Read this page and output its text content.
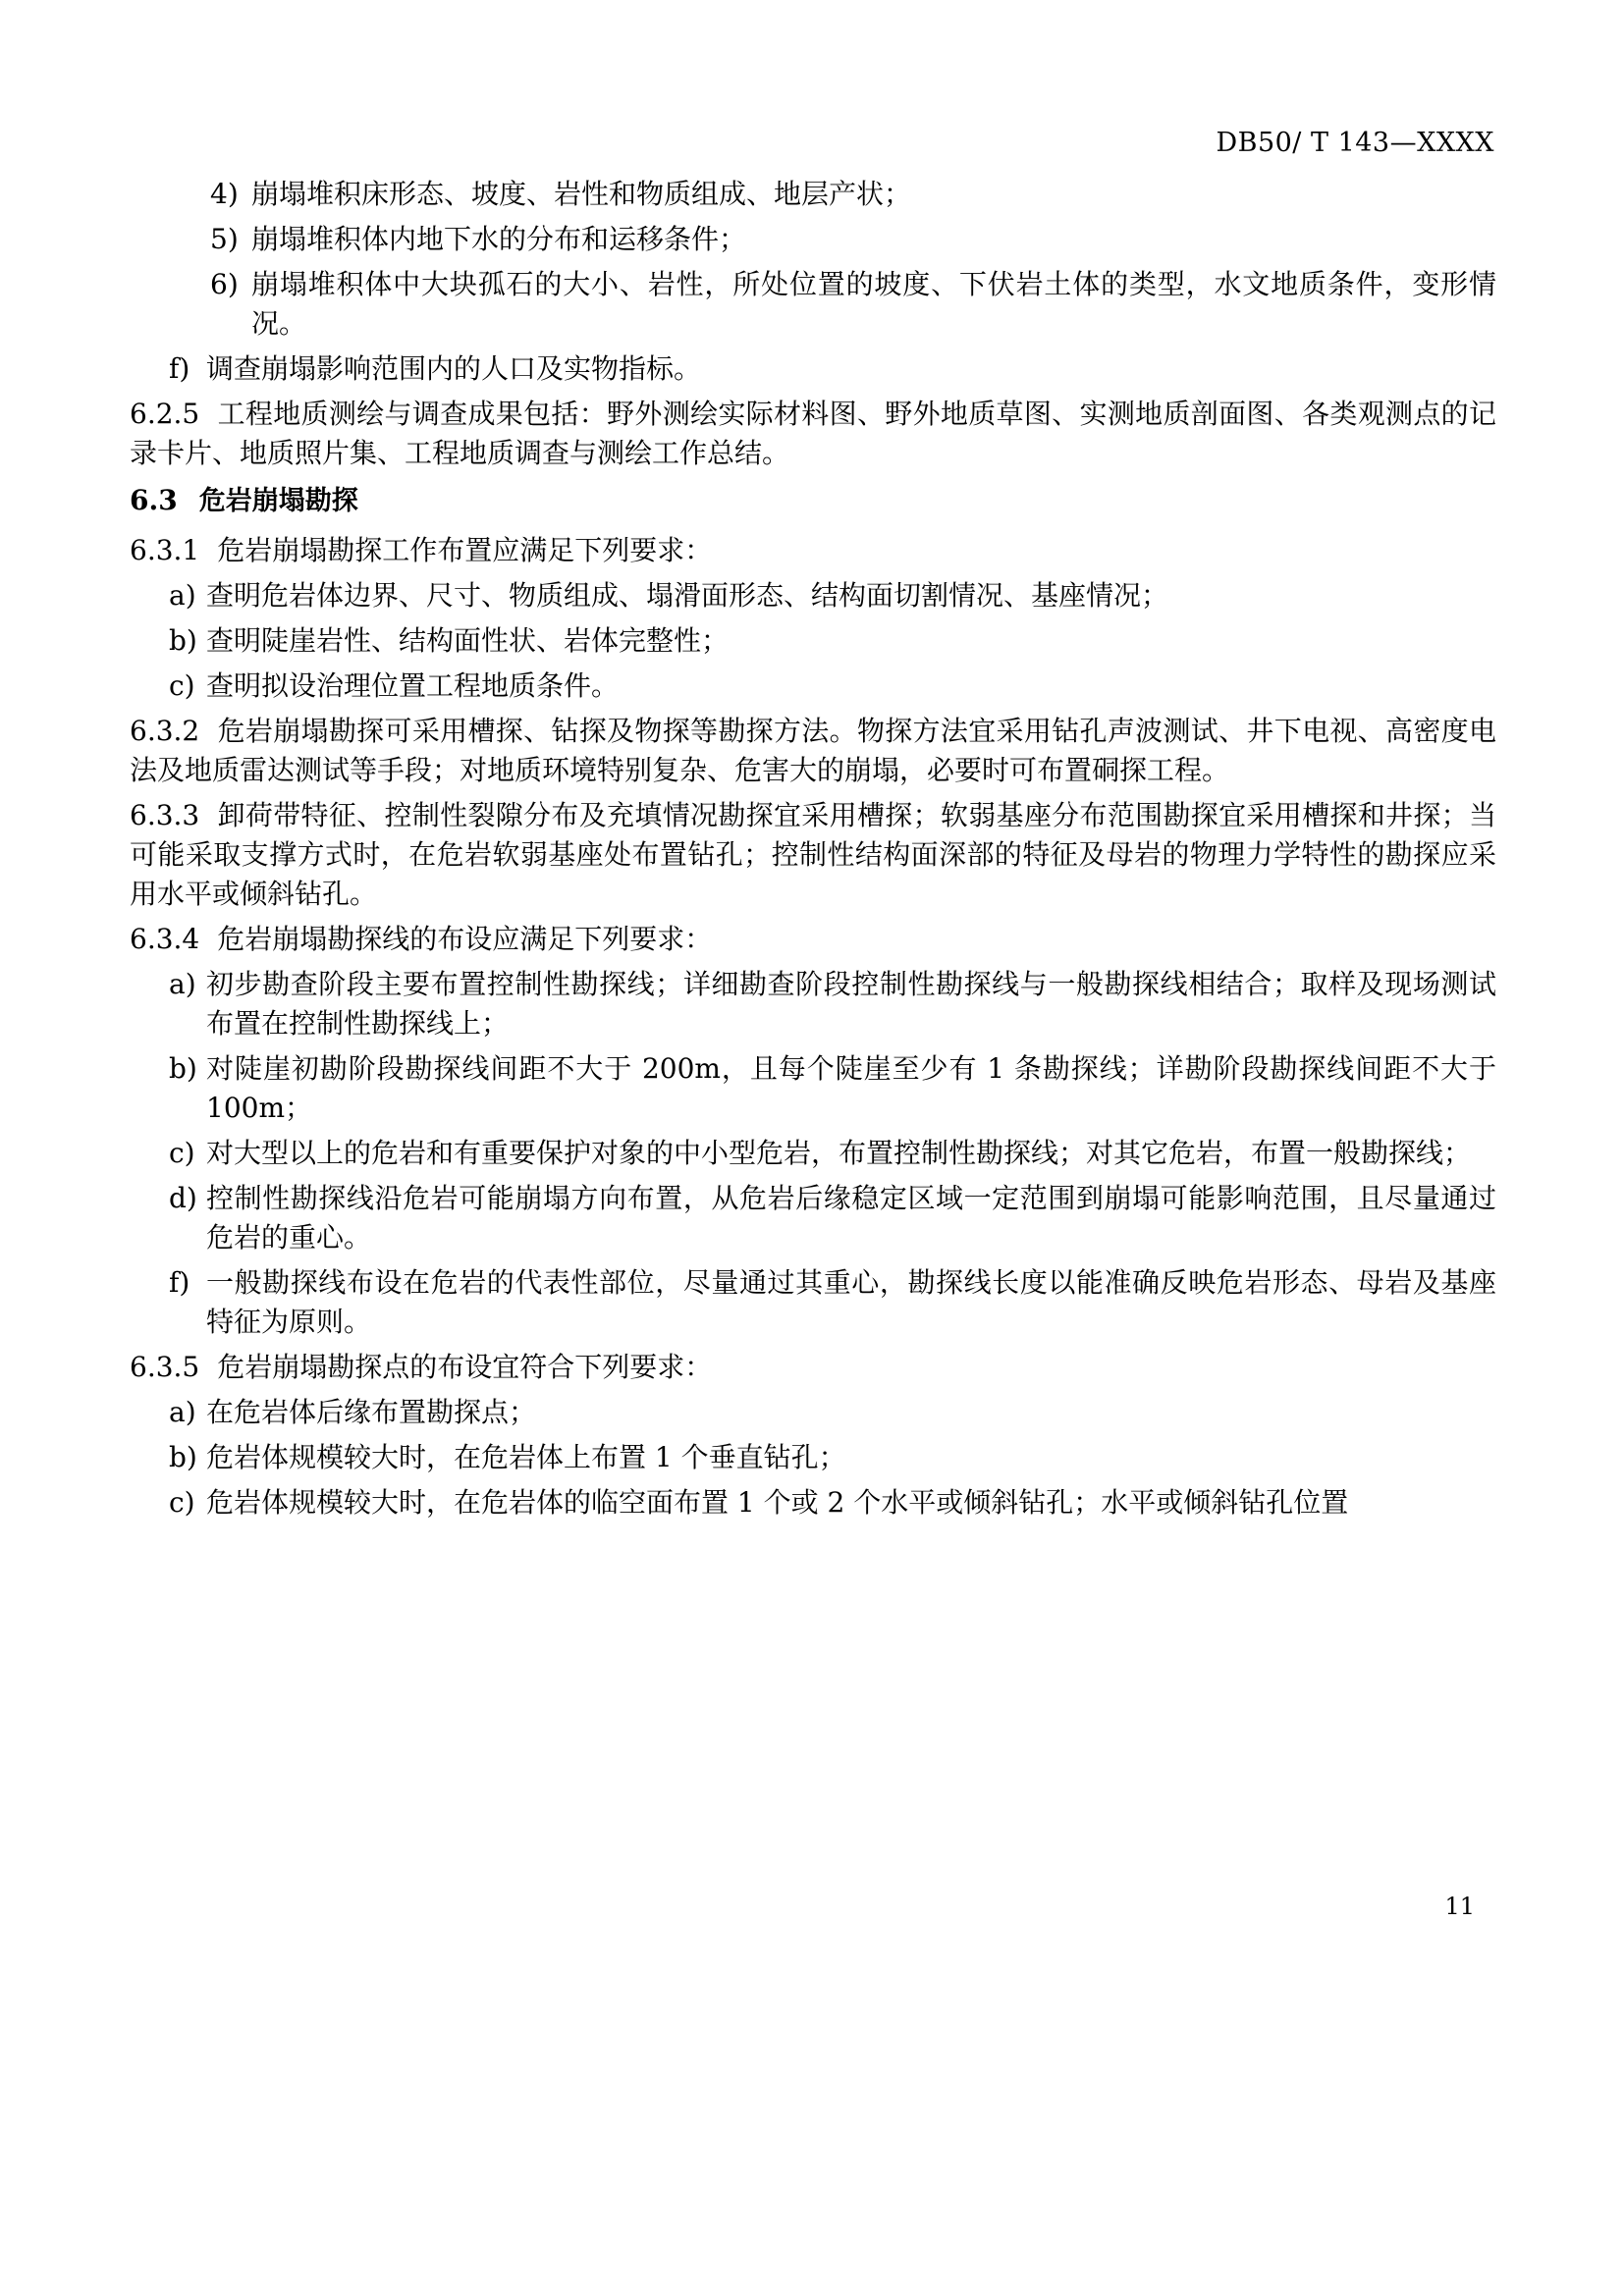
DB50/ T 143—XXXX
4) 崩塌堆积床形态、坡度、岩性和物质组成、地层产状；
5) 崩塌堆积体内地下水的分布和运移条件；
6) 崩塌堆积体中大块孤石的大小、岩性，所处位置的坡度、下伏岩土体的类型，水文地质条件，变形情况。
f) 调查崩塌影响范围内的人口及实物指标。

6.2.5 工程地质测绘与调查成果包括：野外测绘实际材料图、野外地质草图、实测地质剖面图、各类观测点的记录卡片、地质照片集、工程地质调查与测绘工作总结。

6.3 危岩崩塌勘探

6.3.1 危岩崩塌勘探工作布置应满足下列要求：

a) 查明危岩体边界、尺寸、物质组成、塌滑面形态、结构面切割情况、基座情况；
b) 查明陡崖岩性、结构面性状、岩体完整性；
c) 查明拟设治理位置工程地质条件。

6.3.2 危岩崩塌勘探可采用槽探、钻探及物探等勘探方法。物探方法宜采用钻孔声波测试、井下电视、高密度电法及地质雷达测试等手段；对地质环境特别复杂、危害大的崩塌，必要时可布置硐探工程。

6.3.3 卸荷带特征、控制性裂隙分布及充填情况勘探宜采用槽探；软弱基座分布范围勘探宜采用槽探和井探；当可能采取支撑方式时，在危岩软弱基座处布置钻孔；控制性结构面深部的特征及母岩的物理力学特性的勘探应采用水平或倾斜钻孔。

6.3.4 危岩崩塌勘探线的布设应满足下列要求：

a) 初步勘查阶段主要布置控制性勘探线；详细勘查阶段控制性勘探线与一般勘探线相结合；取样及现场测试布置在控制性勘探线上；
b) 对陡崖初勘阶段勘探线间距不大于 200m，且每个陡崖至少有 1 条勘探线；详勘阶段勘探线间距不大于 100m；
c) 对大型以上的危岩和有重要保护对象的中小型危岩，布置控制性勘探线；对其它危岩，布置一般勘探线；
d) 控制性勘探线沿危岩可能崩塌方向布置，从危岩后缘稳定区域一定范围到崩塌可能影响范围，且尽量通过危岩的重心。
f) 一般勘探线布设在危岩的代表性部位，尽量通过其重心，勘探线长度以能准确反映危岩形态、母岩及基座特征为原则。

6.3.5 危岩崩塌勘探点的布设宜符合下列要求：

a) 在危岩体后缘布置勘探点；
b) 危岩体规模较大时，在危岩体上布置 1 个垂直钻孔；
c) 危岩体规模较大时，在危岩体的临空面布置 1 个或 2 个水平或倾斜钻孔；水平或倾斜钻孔位置
11
